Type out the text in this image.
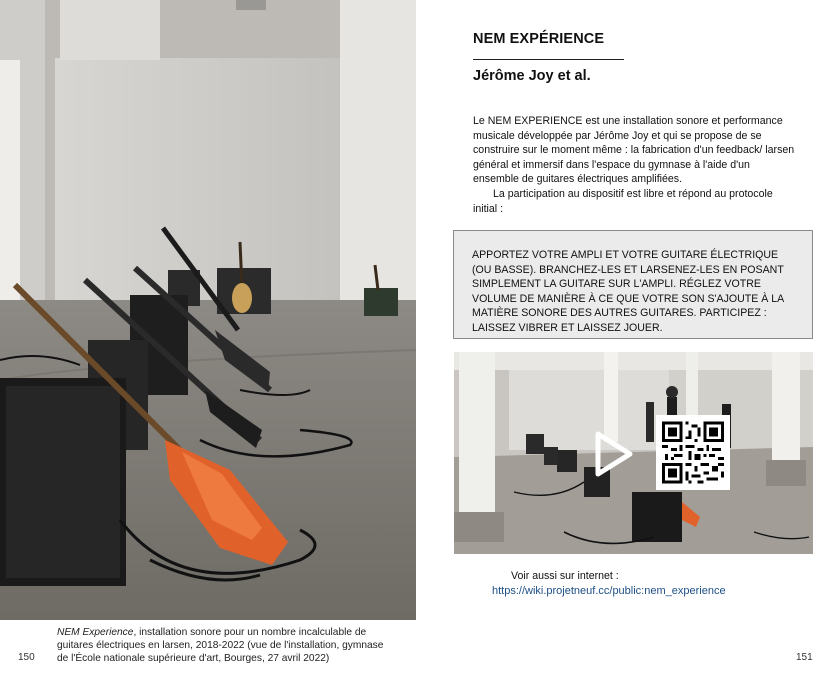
NEM Experience, installation sonore pour un nombre incalculable de guitares électriques en larsen, 2018-2022 (vue de l'installation, gymnase de l'École nationale supérieure d'art, Bourges, 27 avril 2022)

150
NEM EXPÉRIENCE
Jérôme Joy et al.

Le NEM EXPERIENCE est une installation sonore et performance musicale développée par Jérôme Joy et qui se propose de se construire sur le moment même : la fabrication d'un feedback/ larsen général et immersif dans l'espace du gymnase à l'aide d'un ensemble de guitares électriques amplifiées.

La participation au dispositif est libre et répond au protocole initial :

APPORTEZ VOTRE AMPLI ET VOTRE GUITARE ÉLECTRIQUE (OU BASSE). BRANCHEZ-LES ET LARSENEZ-LES EN POSANT SIMPLEMENT LA GUITARE SUR L'AMPLI. RÉGLEZ VOTRE VOLUME DE MANIÈRE À CE QUE VOTRE SON S'AJOUTE À LA MATIÈRE SONORE DES AUTRES GUITARES. PARTICIPEZ : LAISSEZ VIBRER ET LAISSEZ JOUER.

Voir aussi sur internet :

https://wiki.projetneuf.cc/public:nem_experience
151
